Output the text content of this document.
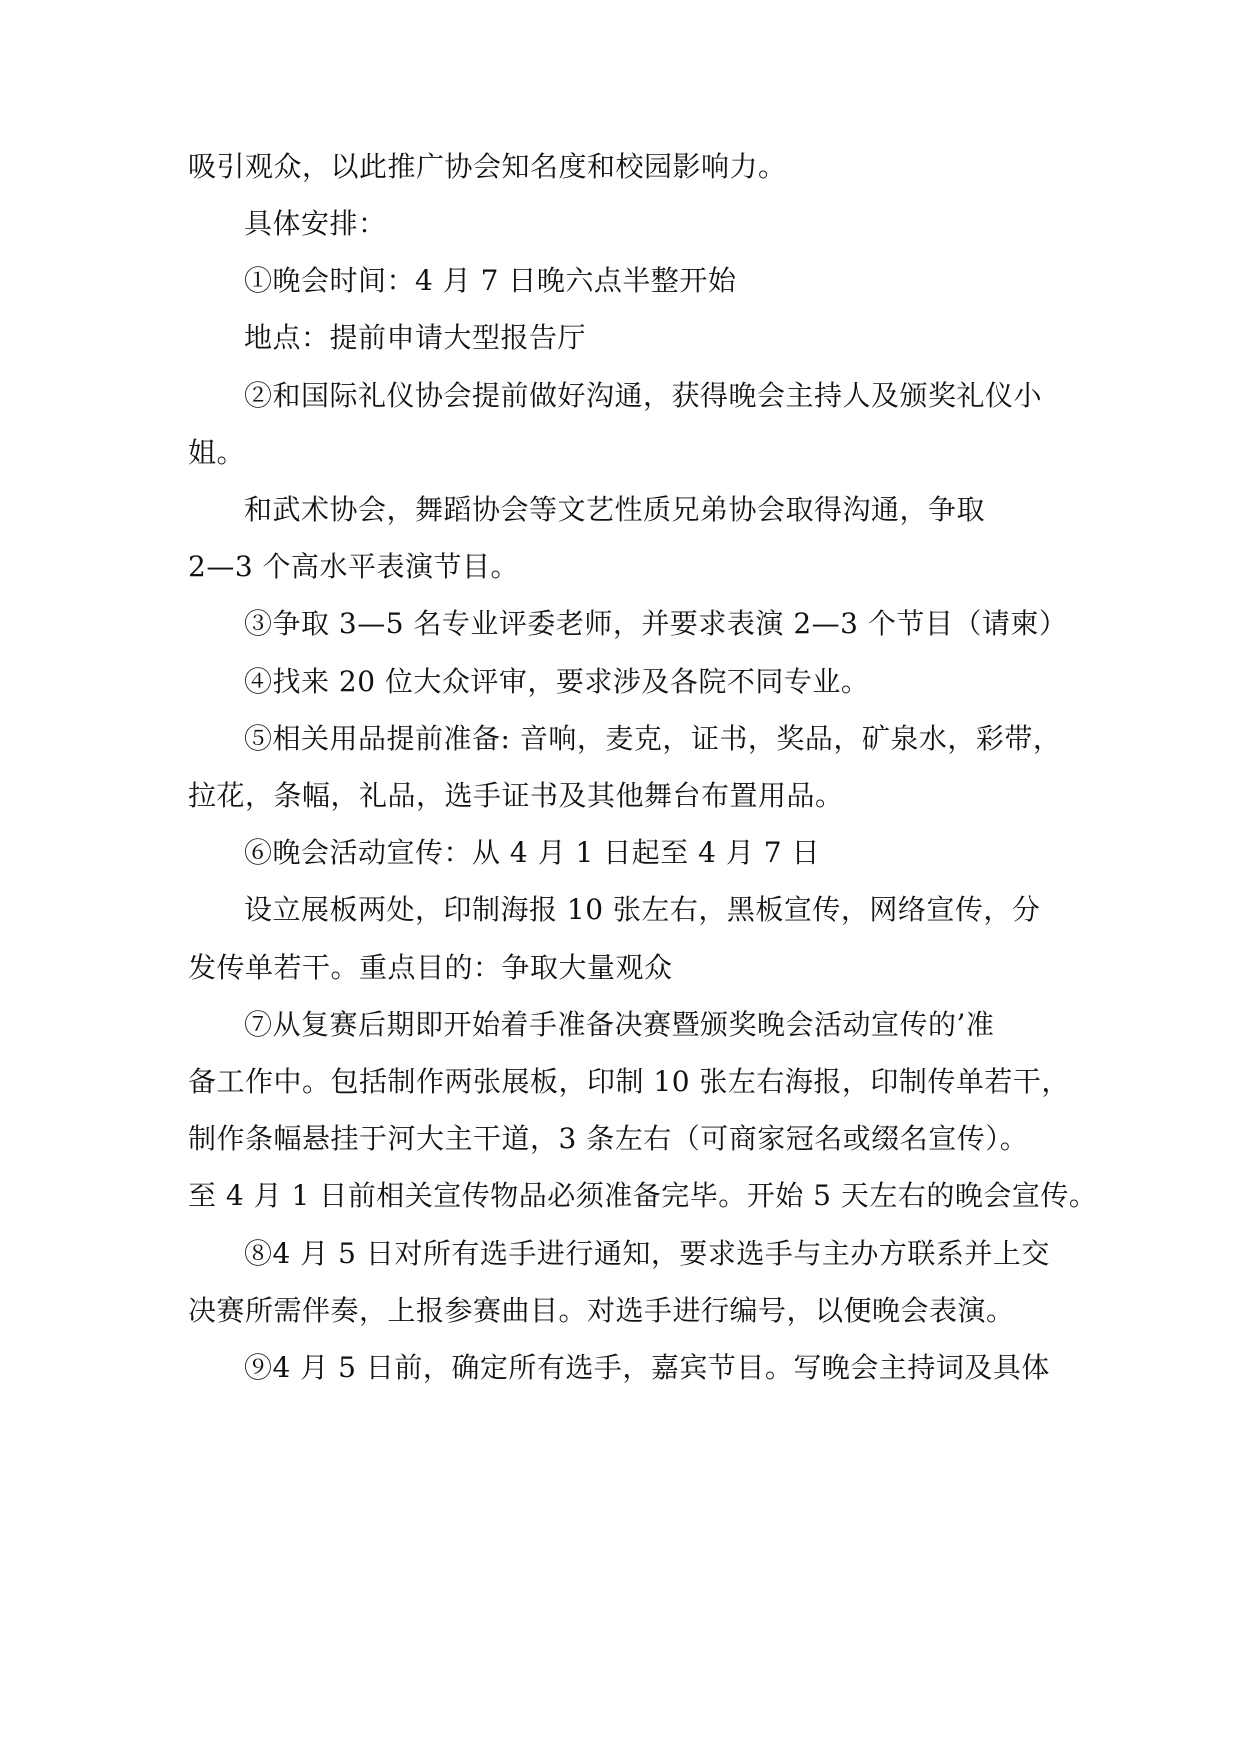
吸引观众，以此推广协会知名度和校园影响力。
具体安排：
①晚会时间：4 月 7 日晚六点半整开始
地点：提前申请大型报告厅
②和国际礼仪协会提前做好沟通，获得晚会主持人及颁奖礼仪小
姐。
和武术协会，舞蹈协会等文艺性质兄弟协会取得沟通，争取
2—3 个高水平表演节目。
③争取 3—5 名专业评委老师，并要求表演 2—3 个节目（请柬）
④找来 20 位大众评审，要求涉及各院不同专业。
⑤相关用品提前准备: 音响，麦克，证书，奖品，矿泉水，彩带，
拉花，条幅，礼品，选手证书及其他舞台布置用品。
⑥晚会活动宣传：从 4 月 1 日起至 4 月 7 日
设立展板两处，印制海报 10 张左右，黑板宣传，网络宣传，分
发传单若干。重点目的：争取大量观众
⑦从复赛后期即开始着手准备决赛暨颁奖晚会活动宣传的’准
备工作中。包括制作两张展板，印制 10 张左右海报，印制传单若干，
制作条幅悬挂于河大主干道，3 条左右（可商家冠名或缀名宣传）。
至 4 月 1 日前相关宣传物品必须准备完毕。开始 5 天左右的晚会宣传。
⑧4 月 5 日对所有选手进行通知，要求选手与主办方联系并上交
决赛所需伴奏，上报参赛曲目。对选手进行编号，以便晚会表演。
⑨4 月 5 日前，确定所有选手，嘉宾节目。写晚会主持词及具体
